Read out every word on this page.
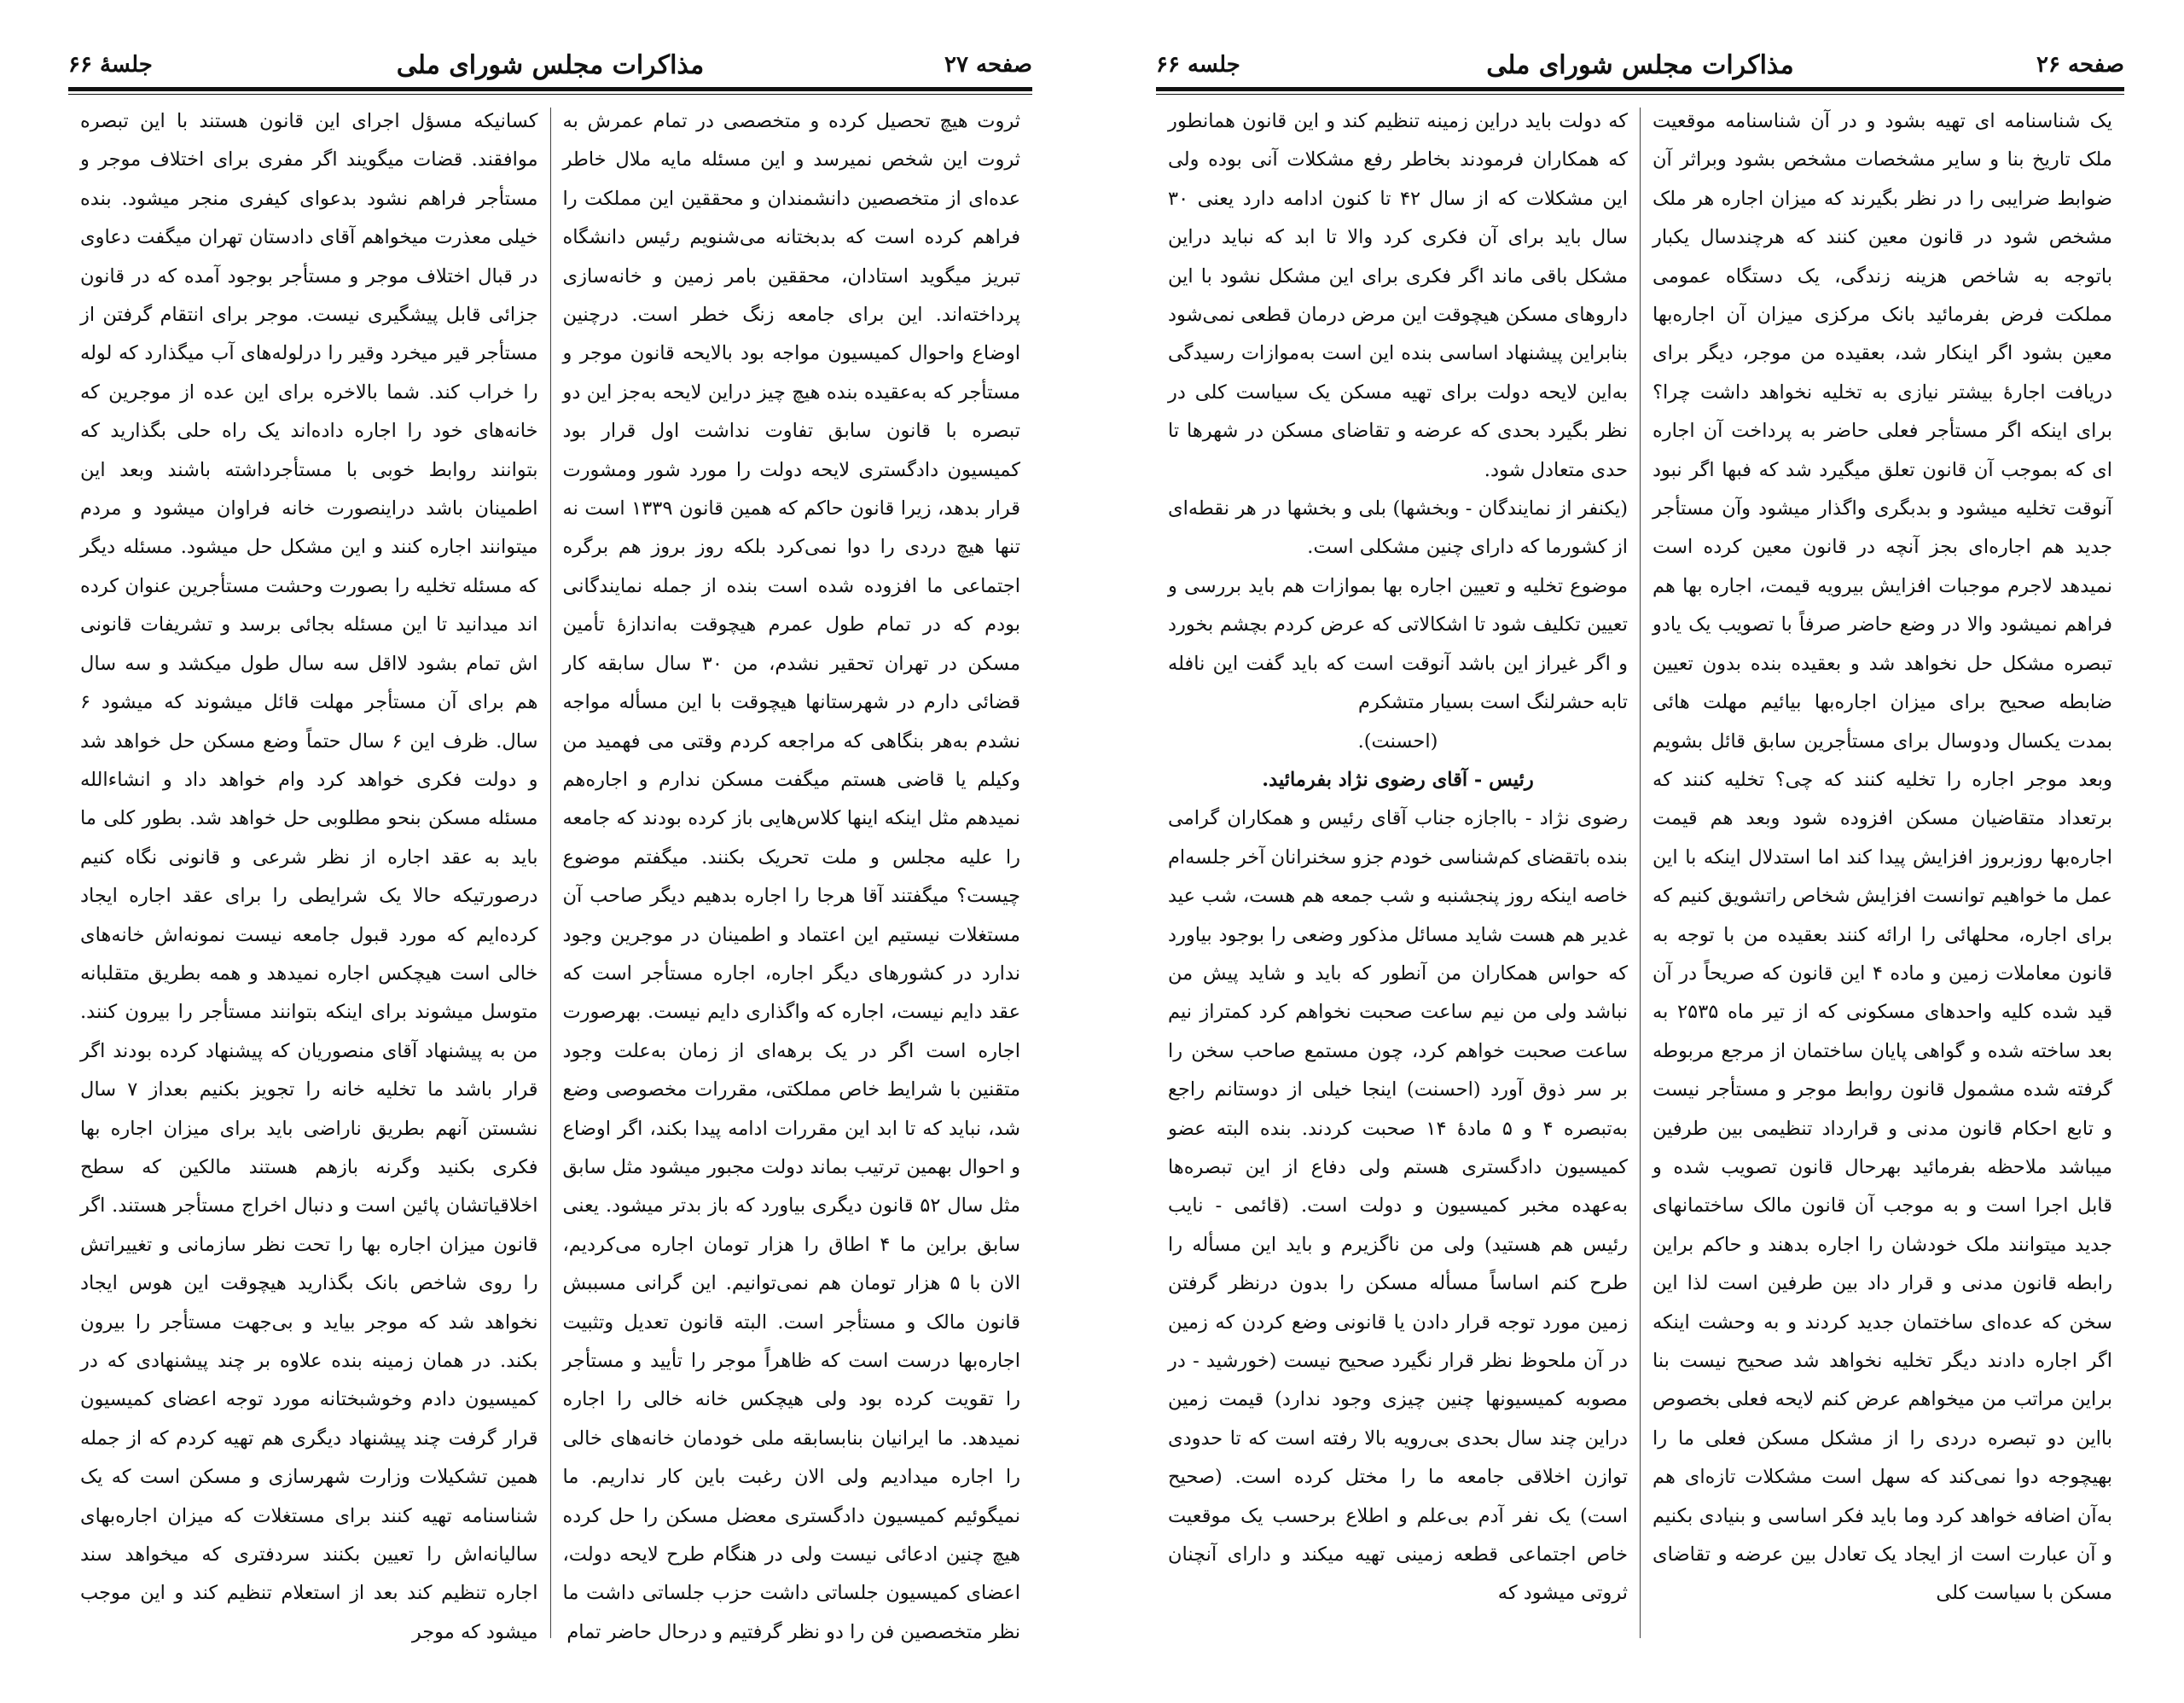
صفحه ۲۷
مذاکرات مجلس شورای ملی
جلسهٔ ۶۶

ثروت هیچ تحصیل کرده و متخصصی در تمام عمرش به ثروت این شخص نمیرسد و این مسئله مایه ملال خاطر عده‌ای از متخصصین دانشمندان و محققین این مملکت را فراهم کرده است که بدبختانه می‌شنویم رئیس دانشگاه تبریز میگوید استادان، محققین بامر زمین و خانه‌سازی پرداخته‌اند. این برای جامعه زنگ خطر است. درچنین اوضاع واحوال کمیسیون مواجه بود بالایحه قانون موجر و مستأجر که به‌عقیده بنده هیچ چیز دراین لایحه به‌جز این دو تبصره با قانون سابق تفاوت نداشت اول قرار بود کمیسیون دادگستری لایحه دولت را مورد شور ومشورت قرار بدهد، زیرا قانون حاکم که همین قانون ۱۳۳۹ است نه تنها هیچ دردی را دوا نمی‌کرد بلکه روز بروز هم برگره اجتماعی ما افزوده شده است بنده از جمله نمایندگانی بودم که در تمام طول عمرم هیچوقت به‌اندازهٔ تأمین مسکن در تهران تحقیر نشدم، من ۳۰ سال سابقه کار قضائی دارم در شهرستانها هیچوقت با این مسأله مواجه نشدم به‌هر بنگاهی که مراجعه کردم وقتی می فهمید من وکیلم یا قاضی هستم میگفت مسکن ندارم و اجاره‌هم نمیدهم مثل اینکه اینها کلاس‌هایی باز کرده بودند که جامعه را علیه مجلس و ملت تحریک بکنند. میگفتم موضوع چیست؟ میگفتند آقا هرجا را اجاره بدهیم دیگر صاحب آن مستغلات نیستیم این اعتماد و اطمینان در موجرین وجود ندارد در کشورهای دیگر اجاره، اجاره مستأجر است که عقد دایم نیست، اجاره که واگذاری دایم نیست. بهرصورت اجاره است اگر در یک برهه‌ای از زمان به‌علت وجود متقنین با شرایط خاص مملکتی، مقررات مخصوصی وضع شد، نباید که تا ابد این مقررات ادامه پیدا بکند، اگر اوضاع و احوال بهمین ترتیب بماند دولت مجبور میشود مثل سابق مثل سال ۵۲ قانون دیگری بیاورد که باز بدتر میشود. یعنی سابق براین ما ۴ اطاق را هزار تومان اجاره می‌کردیم، الان با ۵ هزار تومان هم نمی‌توانیم. این گرانی مسببش قانون مالک و مستأجر است. البته قانون تعدیل وتثبیت اجاره‌بها درست است که ظاهراً موجر را تأیید و مستأجر را تقویت کرده بود ولی هیچکس خانه خالی را اجاره نمیدهد. ما ایرانیان بنابسابقه ملی خودمان خانه‌های خالی را اجاره میدادیم ولی الان رغبت باین کار نداریم. ما نمیگوئیم کمیسیون دادگستری معضل مسکن را حل کرده هیچ چنین ادعائی نیست ولی در هنگام طرح لایحه دولت، اعضای کمیسیون جلساتی داشت حزب جلساتی داشت ما نظر متخصصین فن را دو نظر گرفتیم و درحال حاضر تمام

کسانیکه مسؤل اجرای این قانون هستند با این تبصره موافقند. قضات میگویند اگر مفری برای اختلاف موجر و مستأجر فراهم نشود بدعوای کیفری منجر میشود. بنده خیلی معذرت میخواهم آقای دادستان تهران میگفت دعاوی در قبال اختلاف موجر و مستأجر بوجود آمده که در قانون جزائی قابل پیشگیری نیست. موجر برای انتقام گرفتن از مستأجر قیر میخرد وقیر را درلوله‌های آب میگذارد که لوله را خراب کند. شما بالاخره برای این عده از موجرین که خانه‌های خود را اجاره داده‌اند یک راه حلی بگذارید که بتوانند روابط خوبی با مستأجرداشته باشند وبعد این اطمینان باشد دراینصورت خانه فراوان میشود و مردم میتوانند اجاره کنند و این مشکل حل میشود. مسئله دیگر که مسئله تخلیه را بصورت وحشت مستأجرین عنوان کرده اند میدانید تا این مسئله بجائی برسد و تشریفات قانونی اش تمام بشود لااقل سه سال طول میکشد و سه سال هم برای آن مستأجر مهلت قائل میشوند که میشود ۶ سال. ظرف این ۶ سال حتماً وضع مسکن حل خواهد شد و دولت فکری خواهد کرد وام خواهد داد و انشاءالله مسئله مسکن بنحو مطلوبی حل خواهد شد. بطور کلی ما باید به عقد اجاره از نظر شرعی و قانونی نگاه کنیم درصورتیکه حالا یک شرایطی را برای عقد اجاره ایجاد کرده‌ایم که مورد قبول جامعه نیست نمونه‌اش خانه‌های خالی است هیچکس اجاره نمیدهد و همه بطریق متقلبانه متوسل میشوند برای اینکه بتوانند مستأجر را بیرون کنند. من به پیشنهاد آقای منصوریان که پیشنهاد کرده بودند اگر قرار باشد ما تخلیه خانه را تجویز بکنیم بعداز ۷ سال نشستن آنهم بطریق ناراضی باید برای میزان اجاره بها فکری بکنید وگرنه بازهم هستند مالکین که سطح اخلاقیاتشان پائین است و دنبال اخراج مستأجر هستند. اگر قانون میزان اجاره بها را تحت نظر سازمانی و تغییراتش را روی شاخص بانک بگذارید هیچوقت این هوس ایجاد نخواهد شد که موجر بیاید و بی‌جهت مستأجر را بیرون بکند. در همان زمینه بنده علاوه بر چند پیشنهادی که در کمیسیون دادم وخوشبختانه مورد توجه اعضای کمیسیون قرار گرفت چند پیشنهاد دیگری هم تهیه کردم که از جمله همین تشکیلات وزارت شهرسازی و مسکن است که یک شناسنامه تهیه کنند برای مستغلات که میزان اجاره‌بهای سالیانه‌اش را تعیین بکنند سردفتری که میخواهد سند اجاره تنظیم کند بعد از استعلام تنظیم کند و این موجب میشود که موجر

صفحه ۲۶
مذاکرات مجلس شورای ملی
جلسه ۶۶

یک شناسنامه ای تهیه بشود و در آن شناسنامه موقعیت ملک تاریخ بنا و سایر مشخصات مشخص بشود وبراثر آن ضوابط ضرایبی را در نظر بگیرند که میزان اجاره هر ملک مشخص شود در قانون معین کنند که هرچندسال یکبار باتوجه به شاخص هزینه زندگی، یک دستگاه عمومی مملکت فرض بفرمائید بانک مرکزی میزان آن اجاره‌بها معین بشود اگر اینکار شد، بعقیده من موجر، دیگر برای دریافت اجارهٔ بیشتر نیازی به تخلیه نخواهد داشت چرا؟ برای اینکه اگر مستأجر فعلی حاضر به پرداخت آن اجاره ای که بموجب آن قانون تعلق میگیرد شد که فبها اگر نبود آنوقت تخلیه میشود و بدبگری واگذار میشود وآن مستأجر جدید هم اجاره‌ای بجز آنچه در قانون معین کرده است نمیدهد لاجرم موجبات افزایش بیرویه قیمت، اجاره بها هم فراهم نمیشود والا در وضع حاضر صرفاً با تصویب یک یادو تبصره مشکل حل نخواهد شد و بعقیده بنده بدون تعیین ضابطه صحیح برای میزان اجاره‌بها بیائیم مهلت هائی بمدت یکسال ودوسال برای مستأجرین سابق قائل بشویم وبعد موجر اجاره را تخلیه کنند که چی؟ تخلیه کنند که برتعداد متقاضیان مسکن افزوده شود وبعد هم قیمت اجاره‌بها روزبروز افزایش پیدا کند اما استدلال اینکه با این عمل ما خواهیم توانست افزایش شخاص راتشویق کنیم که برای اجاره، محلهائی را ارائه کنند بعقیده من با توجه به قانون معاملات زمین و ماده ۴ این قانون که صریحاً در آن قید شده کلیه واحدهای مسکونی که از تیر ماه ۲۵۳۵ به بعد ساخته شده و گواهی پایان ساختمان از مرجع مربوطه گرفته شده مشمول قانون روابط موجر و مستأجر نیست و تابع احکام قانون مدنی و قرارداد تنظیمی بین طرفین میباشد ملاحظه بفرمائید بهرحال قانون تصویب شده و قابل اجرا است و به موجب آن قانون مالک ساختمانهای جدید میتوانند ملک خودشان را اجاره بدهند و حاکم براین رابطه قانون مدنی و قرار داد بین طرفین است لذا این سخن که عده‌ای ساختمان جدید کردند و به وحشت اینکه اگر اجاره دادند دیگر تخلیه نخواهد شد صحیح نیست بنا براین مراتب من میخواهم عرض کنم لایحه فعلی بخصوص بااین دو تبصره دردی را از مشکل مسکن فعلی ما را بهیچوجه دوا نمی‌کند که سهل است مشکلات تازه‌ای هم به‌آن اضافه خواهد کرد وما باید فکر اساسی و بنیادی بکنیم و آن عبارت است از ایجاد یک تعادل بین عرضه و تقاضای مسکن با سیاست کلی

که دولت باید دراین زمینه تنظیم کند و این قانون همانطور که همکاران فرمودند بخاطر رفع مشکلات آنی بوده ولی این مشکلات که از سال ۴۲ تا کنون ادامه دارد یعنی ۳۰ سال باید برای آن فکری کرد والا تا ابد که نباید دراین مشکل باقی ماند اگر فکری برای این مشکل نشود با این داروهای مسکن هیچوقت این مرض درمان قطعی نمی‌شود بنابراین پیشنهاد اساسی بنده این است به‌موازات رسیدگی به‌این لایحه دولت برای تهیه مسکن یک سیاست کلی در نظر بگیرد بحدی که عرضه و تقاضای مسکن در شهرها تا حدی متعادل شود.

(یکنفر از نمایندگان - وبخشها) بلی و بخشها در هر نقطه‌ای از کشورما که دارای چنین مشکلی است.

موضوع تخلیه و تعیین اجاره بها بموازات هم باید بررسی و تعیین تکلیف شود تا اشکالاتی که عرض کردم بچشم بخورد و اگر غیراز این باشد آنوقت است که باید گفت این نافله تابه حشرلنگ است بسیار متشکرم

(احسنت).

رئیس - آقای رضوی نژاد بفرمائید.

رضوی نژاد - بااجازه جناب آقای رئیس و همکاران گرامی بنده باتقضای کم‌شناسی خودم جزو سخنرانان آخر جلسه‌ام خاصه اینکه روز پنجشنبه و شب جمعه هم هست، شب عید غدیر هم هست شاید مسائل مذکور وضعی را بوجود بیاورد که حواس همکاران من آنطور که باید و شاید پیش من نباشد ولی من نیم ساعت صحبت نخواهم کرد کمتراز نیم ساعت صحبت خواهم کرد، چون مستمع صاحب سخن را بر سر ذوق آورد (احسنت) اینجا خیلی از دوستانم راجع به‌تبصره ۴ و ۵ مادهٔ ۱۴ صحبت کردند. بنده البته عضو کمیسیون دادگستری هستم ولی دفاع از این تبصره‌ها به‌عهده مخبر کمیسیون و دولت است. (قائمی - نایب رئیس هم هستید) ولی من ناگزیرم و باید این مسأله را طرح کنم اساساً مسأله مسکن را بدون درنظر گرفتن زمین مورد توجه قرار دادن یا قانونی وضع کردن که زمین در آن ملحوظ نظر قرار نگیرد صحیح نیست (خورشید - در مصوبه کمیسیونها چنین چیزی وجود ندارد) قیمت زمین دراین چند سال بحدی بی‌رویه بالا رفته است که تا حدودی توازن اخلاقی جامعه ما را مختل کرده است. (صحیح است) یک نفر آدم بی‌علم و اطلاع برحسب یک موقعیت خاص اجتماعی قطعه زمینی تهیه میکند و دارای آنچنان ثروتی میشود که
